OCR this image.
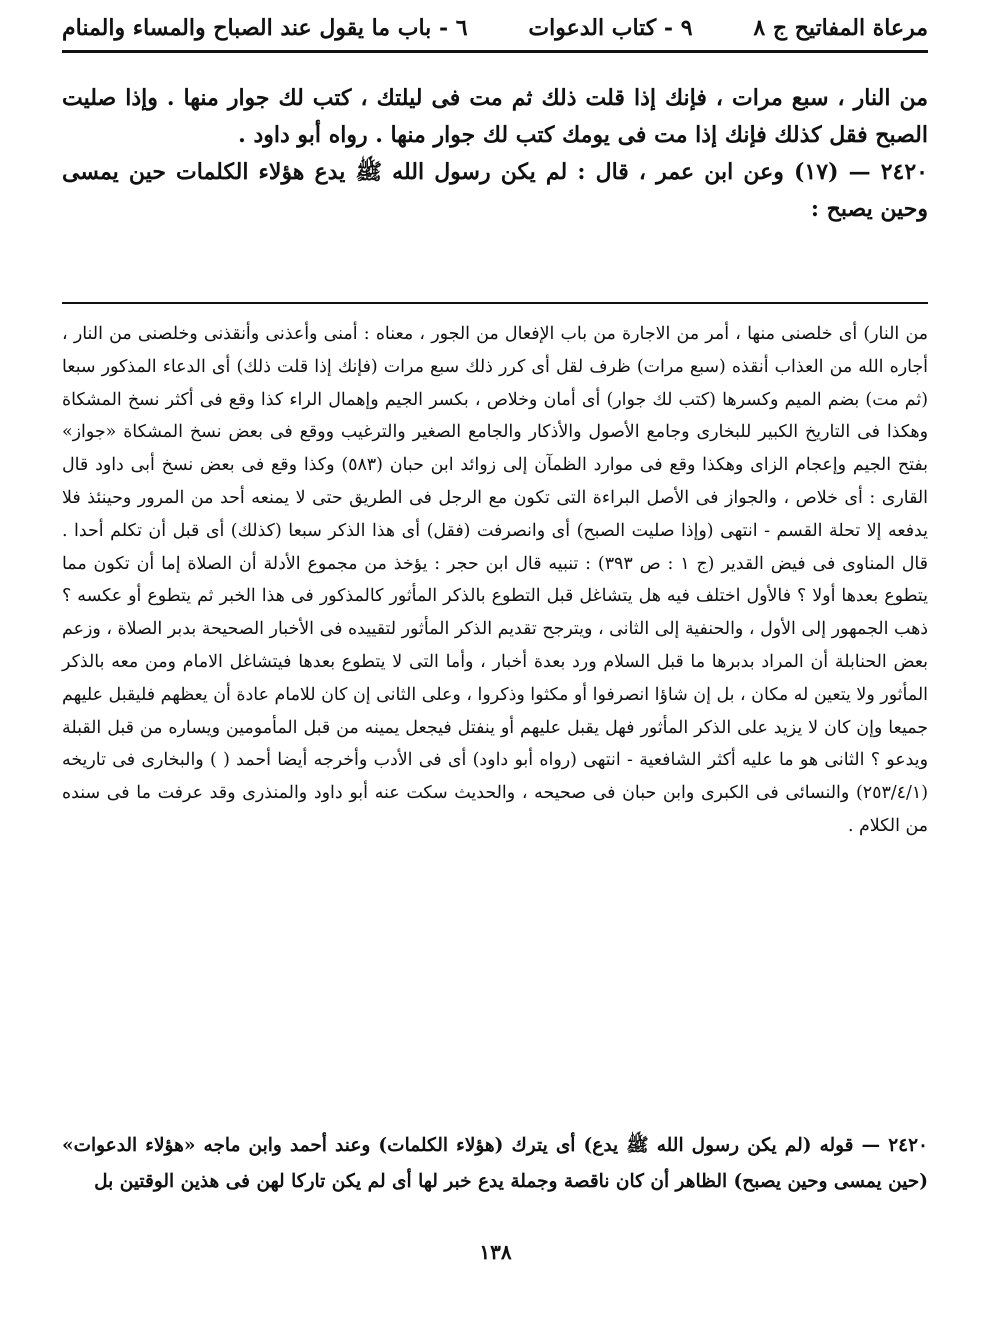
مرعاة المفاتيح ج ٨
٩ - كتاب الدعوات
٦ - باب ما يقول عند الصباح والمساء والمنام

من النار ، سبع مرات ، فإنك إذا قلت ذلك ثم مت فى ليلتك ، كتب لك جوار منها . وإذا صليت الصبح فقل كذلك فإنك إذا مت فى يومك كتب لك جوار منها . رواه أبو داود .

٢٤٢٠ — (١٧) وعن ابن عمر ، قال : لم يكن رسول الله ﷺ يدع هؤلاء الكلمات حين يمسى وحين يصبح :

من النار) أى خلصنى منها ، أمر من الاجارة من باب الإفعال من الجور ، معناه : أمنى وأعذنى وأنقذنى وخلصنى من النار ، أجاره الله من العذاب أنقذه (سبع مرات) ظرف لقل أى كرر ذلك سبع مرات (فإنك إذا قلت ذلك) أى الدعاء المذكور سبعا (ثم مت) بضم الميم وكسرها (كتب لك جوار) أى أمان وخلاص ، بكسر الجيم وإهمال الراء كذا وقع فى أكثر نسخ المشكاة وهكذا فى التاريخ الكبير للبخارى وجامع الأصول والأذكار والجامع الصغير والترغيب ووقع فى بعض نسخ المشكاة «جواز» بفتح الجيم وإعجام الزاى وهكذا وقع فى موارد الظمآن إلى زوائد ابن حبان (٥٨٣) وكذا وقع فى بعض نسخ أبى داود قال القارى : أى خلاص ، والجواز فى الأصل البراءة التى تكون مع الرجل فى الطريق حتى لا يمنعه أحد من المرور وحينئذ فلا يدفعه إلا تحلة القسم - انتهى (وإذا صليت الصبح) أى وانصرفت (فقل) أى هذا الذكر سبعا (كذلك) أى قبل أن تكلم أحدا . قال المناوى فى فيض القدير (ج ١ : ص ٣٩٣) : تنبيه قال ابن حجر : يؤخذ من مجموع الأدلة أن الصلاة إما أن تكون مما يتطوع بعدها أولا ؟ فالأول اختلف فيه هل يتشاغل قبل التطوع بالذكر المأثور كالمذكور فى هذا الخبر ثم يتطوع أو عكسه ؟ ذهب الجمهور إلى الأول ، والحنفية إلى الثانى ، ويترجح تقديم الذكر المأثور لتقييده فى الأخبار الصحيحة بدبر الصلاة ، وزعم بعض الحنابلة أن المراد بدبرها ما قبل السلام ورد بعدة أخبار ، وأما التى لا يتطوع بعدها فيتشاغل الامام ومن معه بالذكر المأثور ولا يتعين له مكان ، بل إن شاؤا انصرفوا أو مكثوا وذكروا ، وعلى الثانى إن كان للامام عادة أن يعظهم فليقبل عليهم جميعا وإن كان لا يزيد على الذكر المأثور فهل يقبل عليهم أو ينفتل فيجعل يمينه من قبل المأمومين ويساره من قبل القبلة ويدعو ؟ الثانى هو ما عليه أكثر الشافعية - انتهى (رواه أبو داود) أى فى الأدب وأخرجه أيضا أحمد ( ) والبخارى فى تاريخه (٢٥٣/٤/١) والنسائى فى الكبرى وابن حبان فى صحيحه ، والحديث سكت عنه أبو داود والمنذرى وقد عرفت ما فى سنده من الكلام .

٢٤٢٠ — قوله (لم يكن رسول الله ﷺ يدع) أى يترك (هؤلاء الكلمات) وعند أحمد وابن ماجه «هؤلاء الدعوات» (حين يمسى وحين يصبح) الظاهر أن كان ناقصة وجملة يدع خبر لها أى لم يكن تاركا لهن فى هذين الوقتين بل

١٣٨
